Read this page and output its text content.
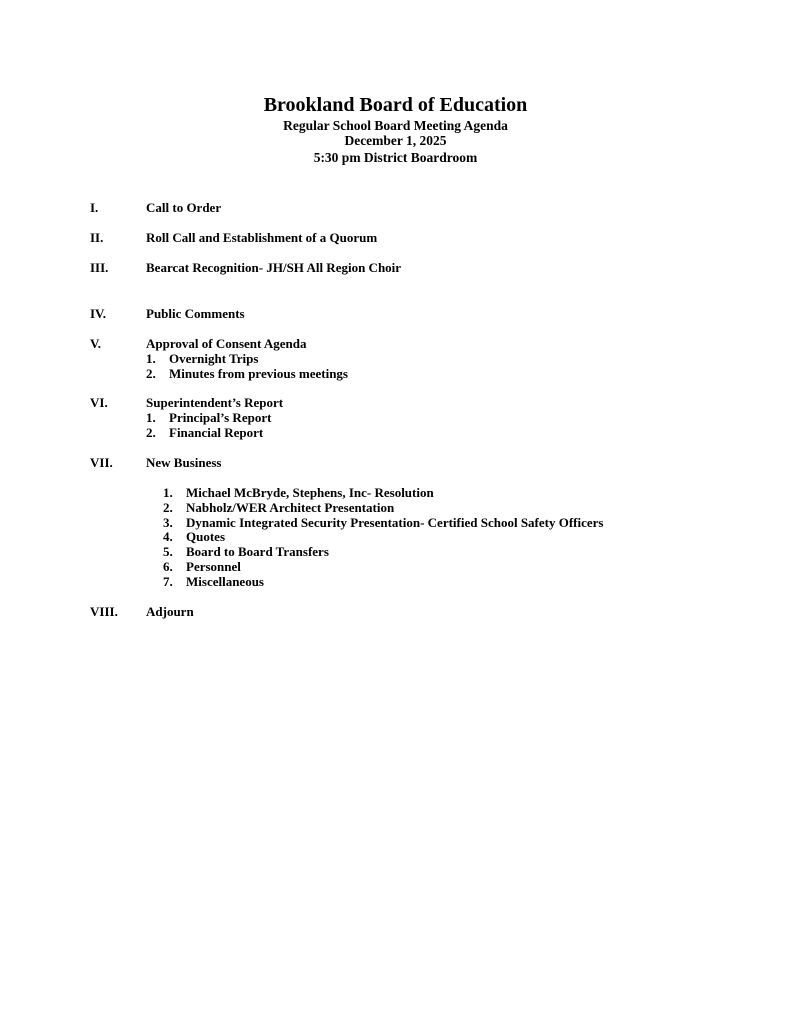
Brookland Board of Education
Regular School Board Meeting Agenda
December 1, 2025
5:30 pm District Boardroom
I.	Call to Order
II.	Roll Call and Establishment of a Quorum
III.	Bearcat Recognition- JH/SH All Region Choir
IV.	Public Comments
V.	Approval of Consent Agenda
1. Overnight Trips
2. Minutes from previous meetings
VI.	Superintendent’s Report
1. Principal’s Report
2. Financial Report
VII.	New Business
1. Michael McBryde, Stephens, Inc- Resolution
2. Nabholz/WER Architect Presentation
3. Dynamic Integrated Security Presentation- Certified School Safety Officers
4. Quotes
5. Board to Board Transfers
6. Personnel
7. Miscellaneous
VIII. Adjourn
